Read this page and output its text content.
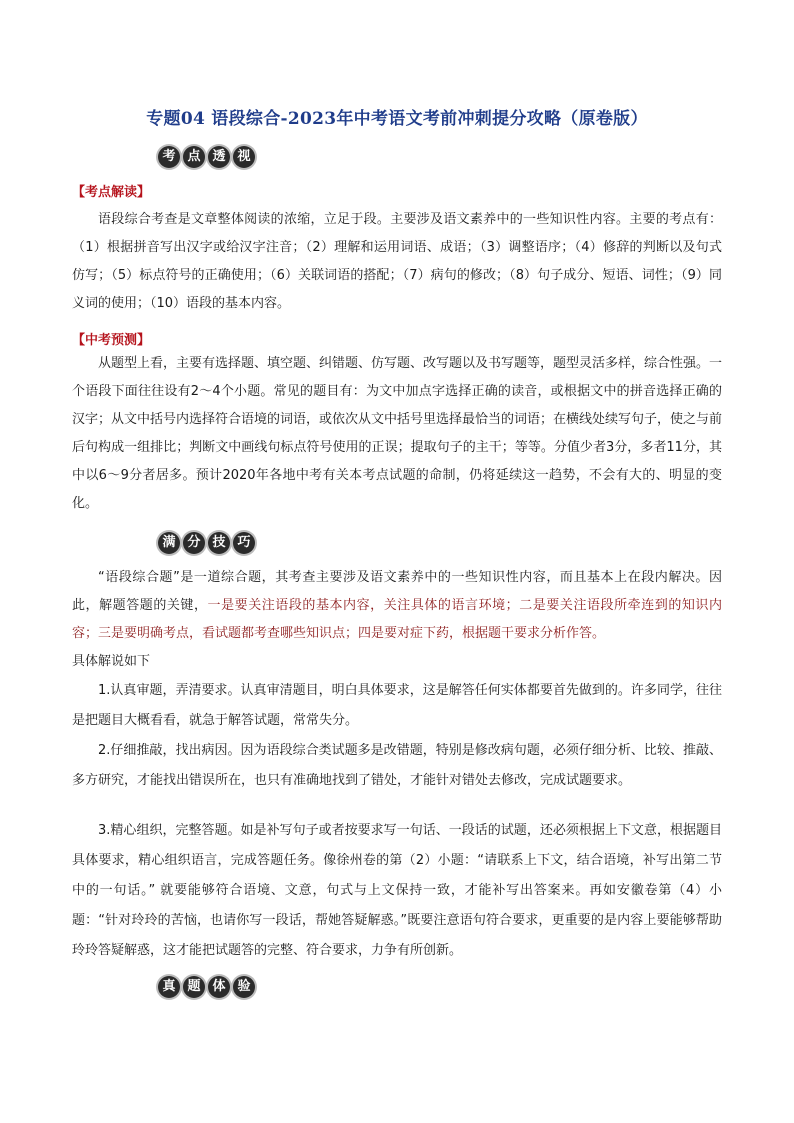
专题04 语段综合-2023年中考语文考前冲刺提分攻略（原卷版）
考 点 透 视
【考点解读】
语段综合考查是文章整体阅读的浓缩，立足于段。主要涉及语文素养中的一些知识性内容。主要的考点有：（1）根据拼音写出汉字或给汉字注音；（2）理解和运用词语、成语；（3）调整语序；（4）修辞的判断以及句式仿写；（5）标点符号的正确使用；（6）关联词语的搭配；（7）病句的修改；（8）句子成分、短语、词性；（9）同义词的使用；（10）语段的基本内容。
【中考预测】
从题型上看，主要有选择题、填空题、纠错题、仿写题、改写题以及书写题等，题型灵活多样，综合性强。一个语段下面往往设有2～4个小题。常见的题目有：为文中加点字选择正确的读音，或根据文中的拼音选择正确的汉字；从文中括号内选择符合语境的词语，或依次从文中括号里选择最恰当的词语；在横线处续写句子，使之与前后句构成一组排比；判断文中画线句标点符号使用的正误；提取句子的主干；等等。分值少者3分，多者11分，其中以6～9分者居多。预计2020年各地中考有关本考点试题的命制，仍将延续这一趋势，不会有大的、明显的变化。
满 分 技 巧
“语段综合题”是一道综合题，其考查主要涉及语文素养中的一些知识性内容，而且基本上在段内解决。因此，解题答题的关键，一是要关注语段的基本内容，关注具体的语言环境；二是要关注语段所牵连到的知识内容；三是要明确考点，看试题都考查哪些知识点；四是要对症下药，根据题干要求分析作答。
具体解说如下
1.认真审题，弄清要求。认真审清题目，明白具体要求，这是解答任何实体都要首先做到的。许多同学，往往是把题目大概看看，就急于解答试题，常常失分。
2.仔细推敲，找出病因。因为语段综合类试题多是改错题，特别是修改病句题，必须仔细分析、比较、推敲、多方研究，才能找出错误所在，也只有准确地找到了错处，才能针对错处去修改，完成试题要求。
3.精心组织，完整答题。如是补写句子或者按要求写一句话、一段话的试题，还必须根据上下文意，根据题目具体要求，精心组织语言，完成答题任务。像徐州卷的第（2）小题：“请联系上下文，结合语境，补写出第二节中的一句话。” 就要能够符合语境、文意，句式与上文保持一致，才能补写出答案来。再如安徽卷第（4）小题：“针对玲玲的苦恼，也请你写一段话，帮她答疑解惑。”既要注意语句符合要求，更重要的是内容上要能够帮助玲玲答疑解惑，这才能把试题答的完整、符合要求，力争有所创新。
真 题 体 验
